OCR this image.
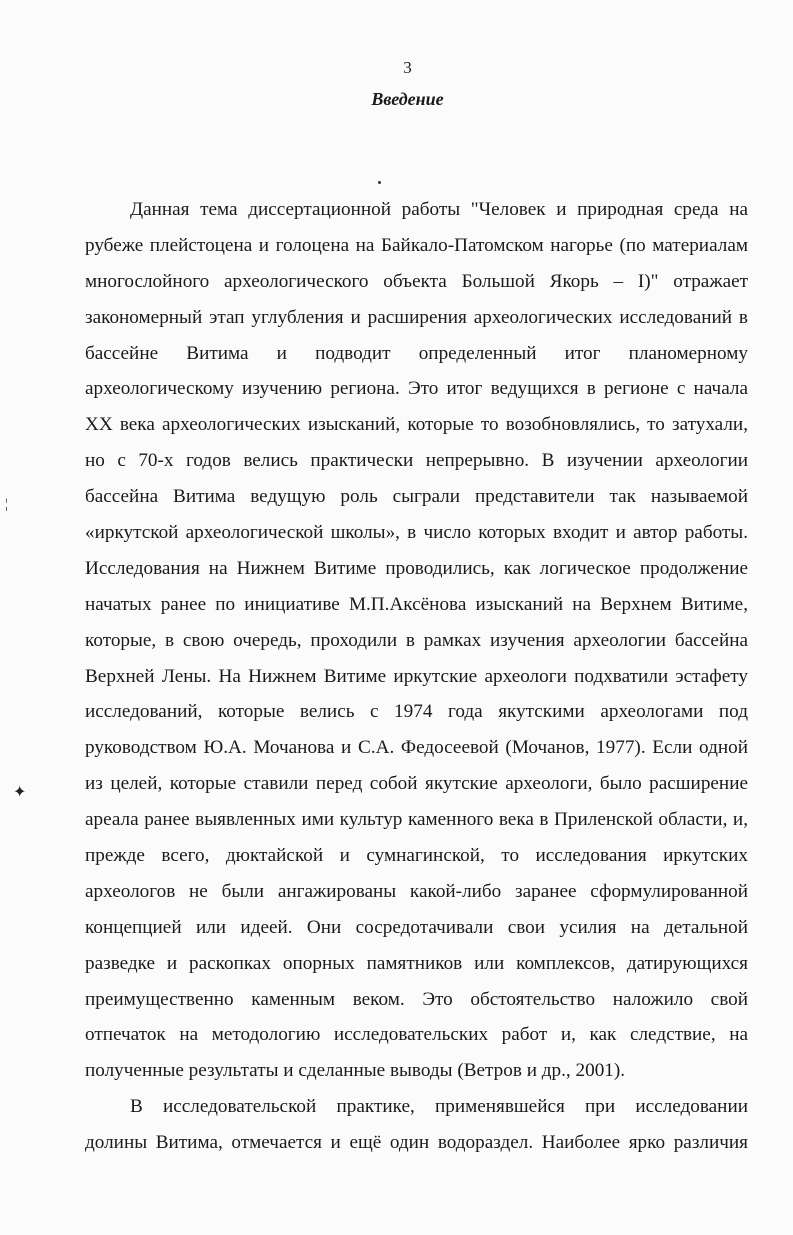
3
Введение
¦
✦
Данная тема диссертационной работы "Человек и природная среда на
рубеже плейстоцена и голоцена на Байкало-Патомском нагорье (по материалам
многослойного археологического объекта Большой Якорь – I)" отражает
закономерный этап углубления и расширения археологических исследований в
бассейне Витима и подводит определенный итог планомерному
археологическому изучению региона. Это итог ведущихся в регионе с начала
XX века археологических изысканий, которые то возобновлялись, то затухали,
но с 70-х годов велись практически непрерывно. В изучении археологии
бассейна Витима ведущую роль сыграли представители так называемой
«иркутской археологической школы», в число которых входит и автор работы.
Исследования на Нижнем Витиме проводились, как логическое продолжение
начатых ранее по инициативе М.П.Аксёнова изысканий на Верхнем Витиме,
которые, в свою очередь, проходили в рамках изучения археологии бассейна
Верхней Лены. На Нижнем Витиме иркутские археологи подхватили эстафету
исследований, которые велись с 1974 года якутскими археологами под
руководством Ю.А. Мочанова и С.А. Федосеевой (Мочанов, 1977). Если одной
из целей, которые ставили перед собой якутские археологи, было расширение
ареала ранее выявленных ими культур каменного века в Приленской области, и,
прежде всего, дюктайской и сумнагинской, то исследования иркутских
археологов не были ангажированы какой-либо заранее сформулированной
концепцией или идеей. Они сосредотачивали свои усилия на детальной
разведке и раскопках опорных памятников или комплексов, датирующихся
преимущественно каменным веком. Это обстоятельство наложило свой
отпечаток на методологию исследовательских работ и, как следствие, на
полученные результаты и сделанные выводы (Ветров и др., 2001).
В исследовательской практике, применявшейся при исследовании
долины Витима, отмечается и ещё один водораздел. Наиболее ярко различия
